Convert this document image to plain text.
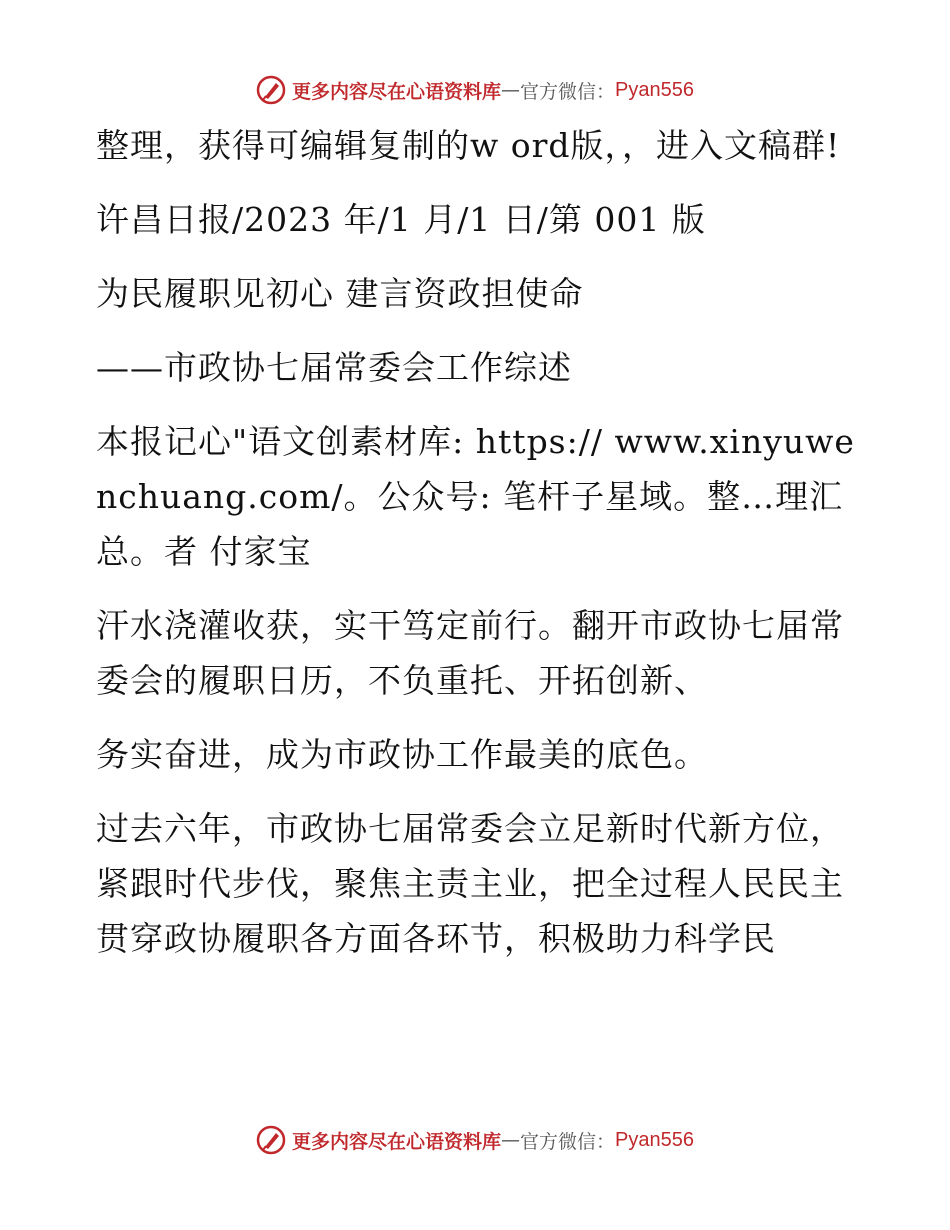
更多内容尽在心语资料库 — 官方微信： Pyan556

整理，获得可编辑复制的w ord版，，进入文稿群!

许昌日报/2023 年/1 月/1 日/第 001 版

为民履职见初心 建言资政担使命

——市政协七届常委会工作综述

本报记心"语文创素材库: https:// www.xinyuwenchuang.com/。公众号: 笔杆子星域。整…理汇总。者 付家宝

汗水浇灌收获，实干笃定前行。翻开市政协七届常委会的履职日历，不负重托、开拓创新、

务实奋进，成为市政协工作最美的底色。

过去六年，市政协七届常委会立足新时代新方位，紧跟时代步伐，聚焦主责主业，把全过程人民民主贯穿政协履职各方面各环节，积极助力科学民

更多内容尽在心语资料库 — 官方微信： Pyan556
